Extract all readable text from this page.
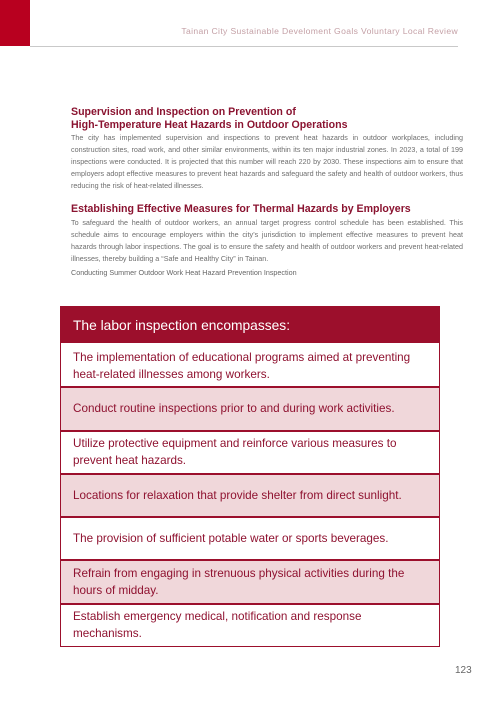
Tainan City Sustainable Develoment Goals Voluntary Local Review
Supervision and Inspection on Prevention of
High-Temperature Heat Hazards in Outdoor Operations

The city has implemented supervision and inspections to prevent heat hazards in outdoor workplaces, including construction sites, road work, and other similar environments, within its ten major industrial zones. In 2023, a total of 199 inspections were conducted. It is projected that this number will reach 220 by 2030. These inspections aim to ensure that employers adopt effective measures to prevent heat hazards and safeguard the safety and health of outdoor workers, thus reducing the risk of heat-related illnesses.

Establishing Effective Measures for Thermal Hazards by Employers

To safeguard the health of outdoor workers, an annual target progress control schedule has been established. This schedule aims to encourage employers within the city’s jurisdiction to implement effective measures to prevent heat hazards through labor inspections. The goal is to ensure the safety and health of outdoor workers and prevent heat-related illnesses, thereby building a “Safe and Healthy City” in Tainan.

Conducting Summer Outdoor Work Heat Hazard Prevention Inspection

The labor inspection encompasses:
The implementation of educational programs aimed at preventing heat-related illnesses among workers.
Conduct routine inspections prior to and during work activities.
Utilize protective equipment and reinforce various measures to prevent heat hazards.
Locations for relaxation that provide shelter from direct sunlight.
The provision of sufficient potable water or sports beverages.
Refrain from engaging in strenuous physical activities during the hours of midday.
Establish emergency medical, notification and response mechanisms.
123
